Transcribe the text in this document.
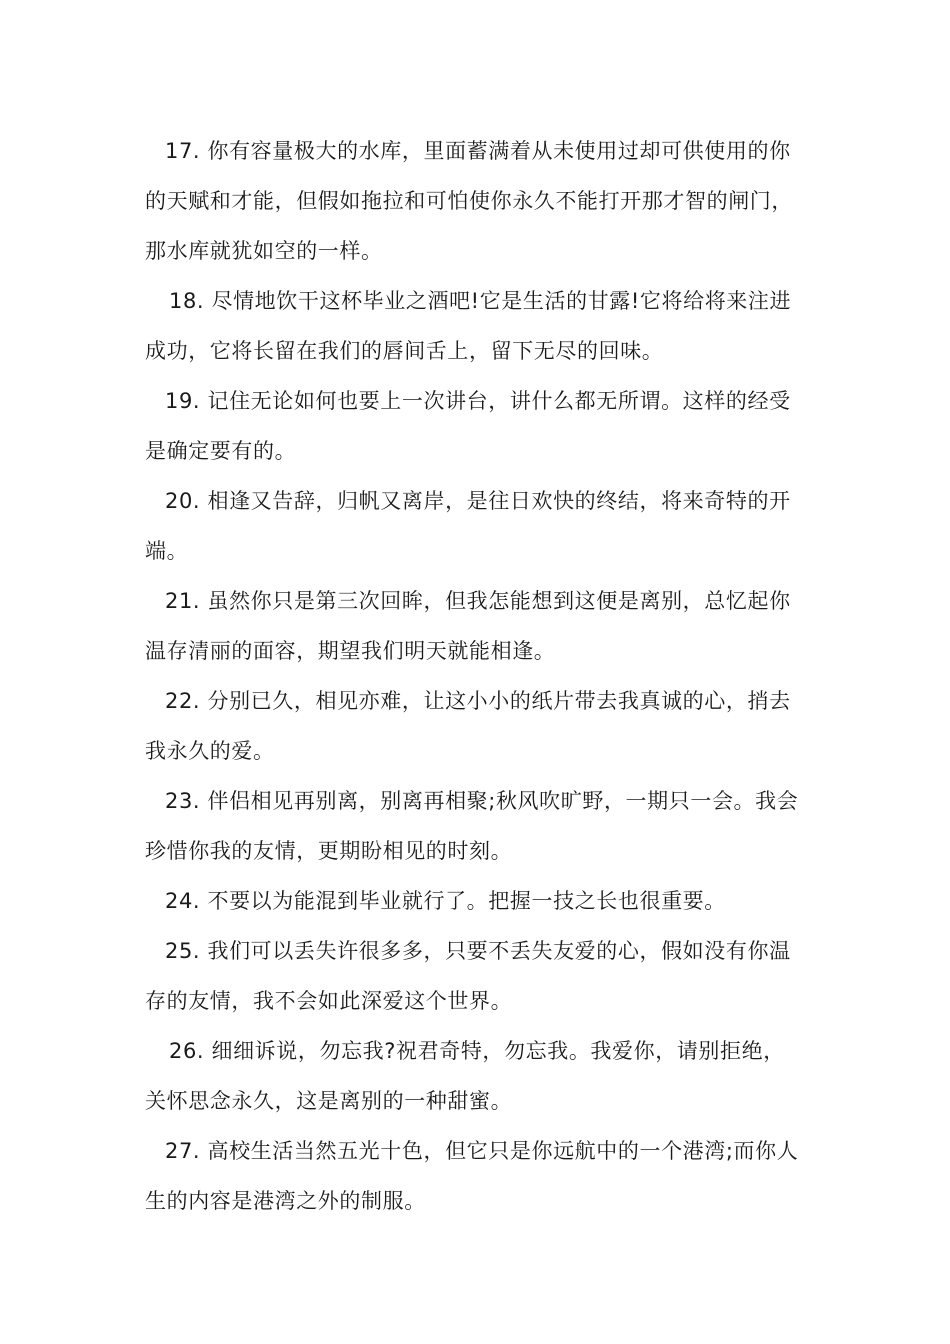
17. 你有容量极大的水库，里面蓄满着从未使用过却可供使用的你
的天赋和才能，但假如拖拉和可怕使你永久不能打开那才智的闸门，
那水库就犹如空的一样。
18. 尽情地饮干这杯毕业之酒吧!它是生活的甘露!它将给将来注进
成功，它将长留在我们的唇间舌上，留下无尽的回味。
19. 记住无论如何也要上一次讲台，讲什么都无所谓。这样的经受
是确定要有的。
20. 相逢又告辞，归帆又离岸，是往日欢快的终结，将来奇特的开
端。
21. 虽然你只是第三次回眸，但我怎能想到这便是离别，总忆起你
温存清丽的面容，期望我们明天就能相逢。
22. 分别已久，相见亦难，让这小小的纸片带去我真诚的心，捎去
我永久的爱。
23. 伴侣相见再别离，别离再相聚;秋风吹旷野，一期只一会。我会
珍惜你我的友情，更期盼相见的时刻。
24. 不要以为能混到毕业就行了。把握一技之长也很重要。
25. 我们可以丢失许很多多，只要不丢失友爱的心，假如没有你温
存的友情，我不会如此深爱这个世界。
26. 细细诉说，勿忘我?祝君奇特，勿忘我。我爱你，请别拒绝，
关怀思念永久，这是离别的一种甜蜜。
27. 高校生活当然五光十色，但它只是你远航中的一个港湾;而你人
生的内容是港湾之外的制服。
